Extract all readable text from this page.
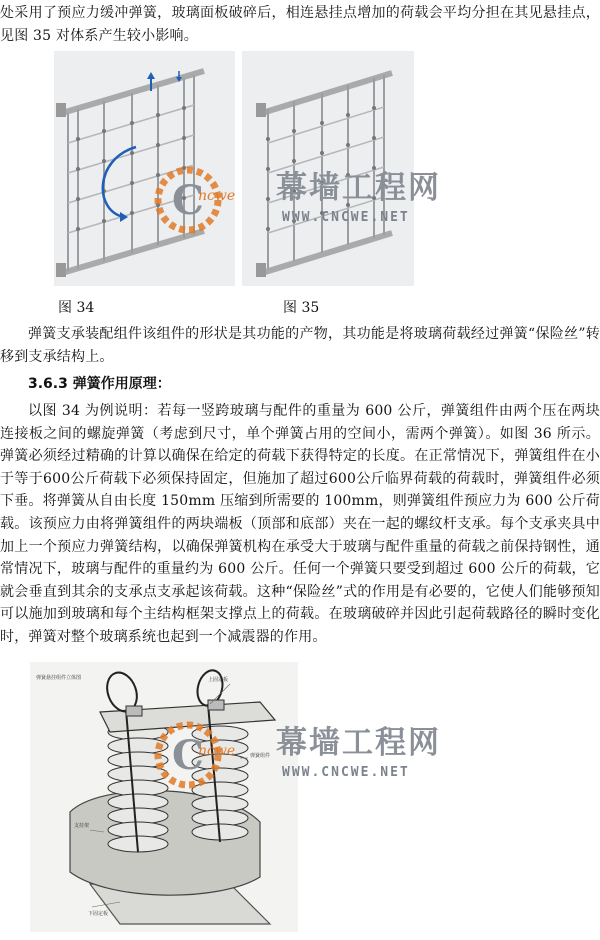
处采用了预应力缓冲弹簧，玻璃面板破碎后，相连悬挂点增加的荷载会平均分担在其见悬挂点，见图 35 对体系产生较小影响。

图 34	图 35

弹簧支承装配组件该组件的形状是其功能的产物，其功能是将玻璃荷载经过弹簧“保险丝”转移到支承结构上。

3.6.3 弹簧作用原理：

以图 34 为例说明：若每一竖跨玻璃与配件的重量为 600 公斤，弹簧组件由两个压在两块连接板之间的螺旋弹簧（考虑到尺寸，单个弹簧占用的空间小，需两个弹簧）。如图 36 所示。弹簧必须经过精确的计算以确保在给定的荷载下获得特定的长度。在正常情况下，弹簧组件在小于等于600公斤荷载下必须保持固定，但施加了超过600公斤临界荷载的荷载时，弹簧组件必须下垂。将弹簧从自由长度 150mm 压缩到所需要的 100mm，则弹簧组件预应力为 600 公斤荷载。该预应力由将弹簧组件的两块端板（顶部和底部）夹在一起的螺纹杆支承。每个支承夹具中加上一个预应力弹簧结构，以确保弹簧机构在承受大于玻璃与配件重量的荷载之前保持钢性，通常情况下，玻璃与配件的重量约为 600 公斤。任何一个弹簧只要受到超过 600 公斤的荷载，它就会垂直到其余的支承点支承起该荷载。这种“保险丝”式的作用是有必要的，它使人们能够预知可以施加到玻璃和每个主结构框架支撑点上的荷载。在玻璃破碎并因此引起荷载路径的瞬时变化时，弹簧对整个玻璃系统也起到一个减震器的作用。

弹簧悬挂组件立体图	上固定板
弹簧组件
支持架
下固定板
C
ncwe 幕墙工程网
WWW.CNCWE.NET
C
ncwe 幕墙工程网
WWW.CNCWE.NET
